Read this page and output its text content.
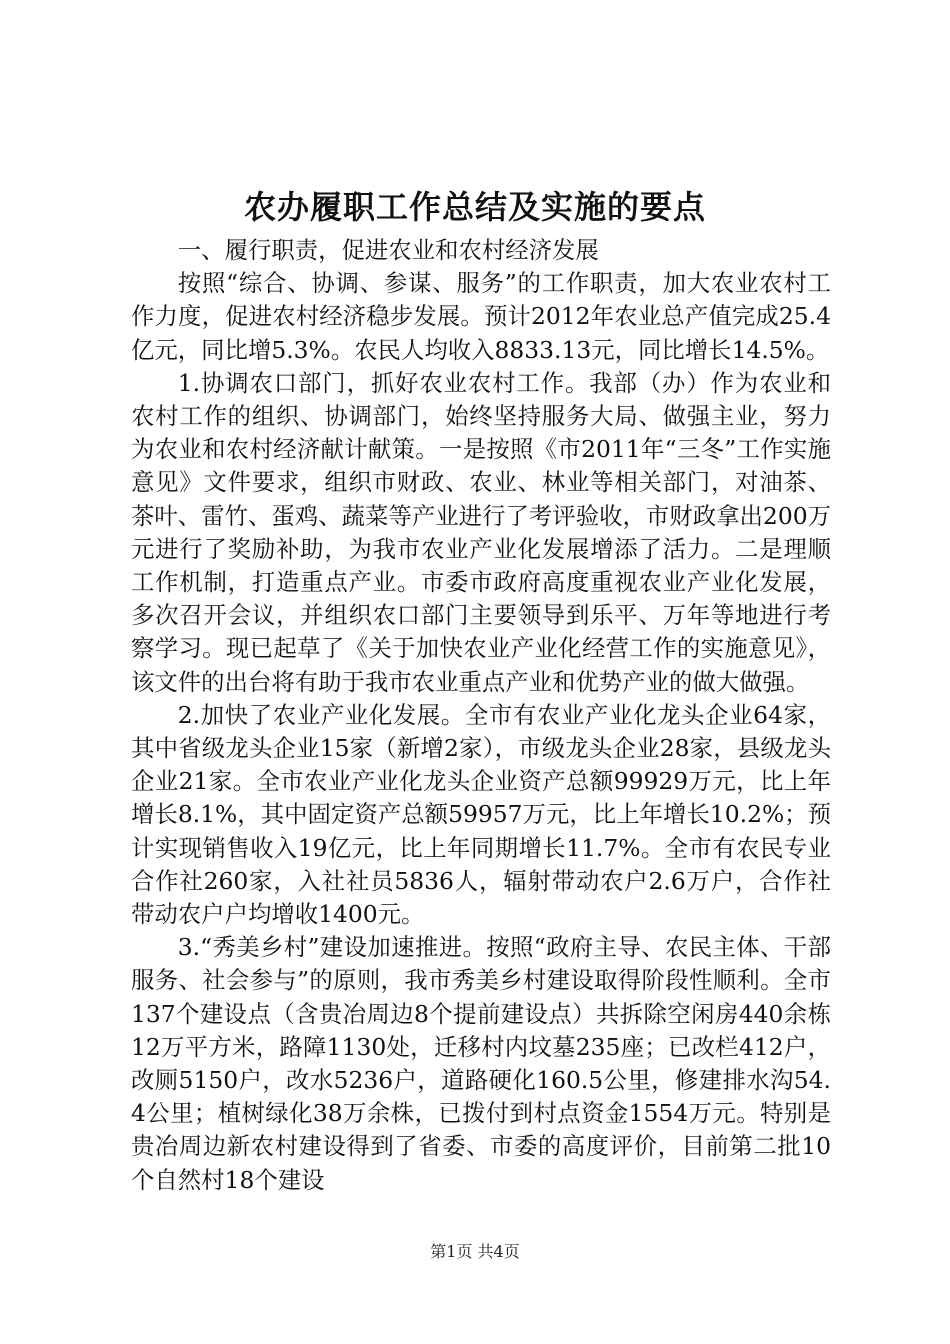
农办履职工作总结及实施的要点

一、履行职责，促进农业和农村经济发展

按照“综合、协调、参谋、服务”的工作职责，加大农业农村工作力度，促进农村经济稳步发展。预计2012年农业总产值完成25.4亿元，同比增5.3%。农民人均收入8833.13元，同比增长14.5%。

1.协调农口部门，抓好农业农村工作。我部（办）作为农业和农村工作的组织、协调部门，始终坚持服务大局、做强主业，努力为农业和农村经济献计献策。一是按照《市2011年“三冬”工作实施意见》文件要求，组织市财政、农业、林业等相关部门，对油茶、茶叶、雷竹、蛋鸡、蔬菜等产业进行了考评验收，市财政拿出200万元进行了奖励补助，为我市农业产业化发展增添了活力。二是理顺工作机制，打造重点产业。市委市政府高度重视农业产业化发展，多次召开会议，并组织农口部门主要领导到乐平、万年等地进行考察学习。现已起草了《关于加快农业产业化经营工作的实施意见》，该文件的出台将有助于我市农业重点产业和优势产业的做大做强。

2.加快了农业产业化发展。全市有农业产业化龙头企业64家，其中省级龙头企业15家（新增2家），市级龙头企业28家，县级龙头企业21家。全市农业产业化龙头企业资产总额99929万元，比上年增长8.1%，其中固定资产总额59957万元，比上年增长10.2%；预计实现销售收入19亿元，比上年同期增长11.7%。全市有农民专业合作社260家，入社社员5836人，辐射带动农户2.6万户，合作社带动农户户均增收1400元。

3.“秀美乡村”建设加速推进。按照“政府主导、农民主体、干部服务、社会参与”的原则，我市秀美乡村建设取得阶段性顺利。全市137个建设点（含贵冶周边8个提前建设点）共拆除空闲房440余栋12万平方米，路障1130处，迁移村内坟墓235座；已改栏412户，改厕5150户，改水5236户，道路硬化160.5公里，修建排水沟54.4公里；植树绿化38万余株，已拨付到村点资金1554万元。特别是贵冶周边新农村建设得到了省委、市委的高度评价，目前第二批10个自然村18个建设

第1页 共4页
